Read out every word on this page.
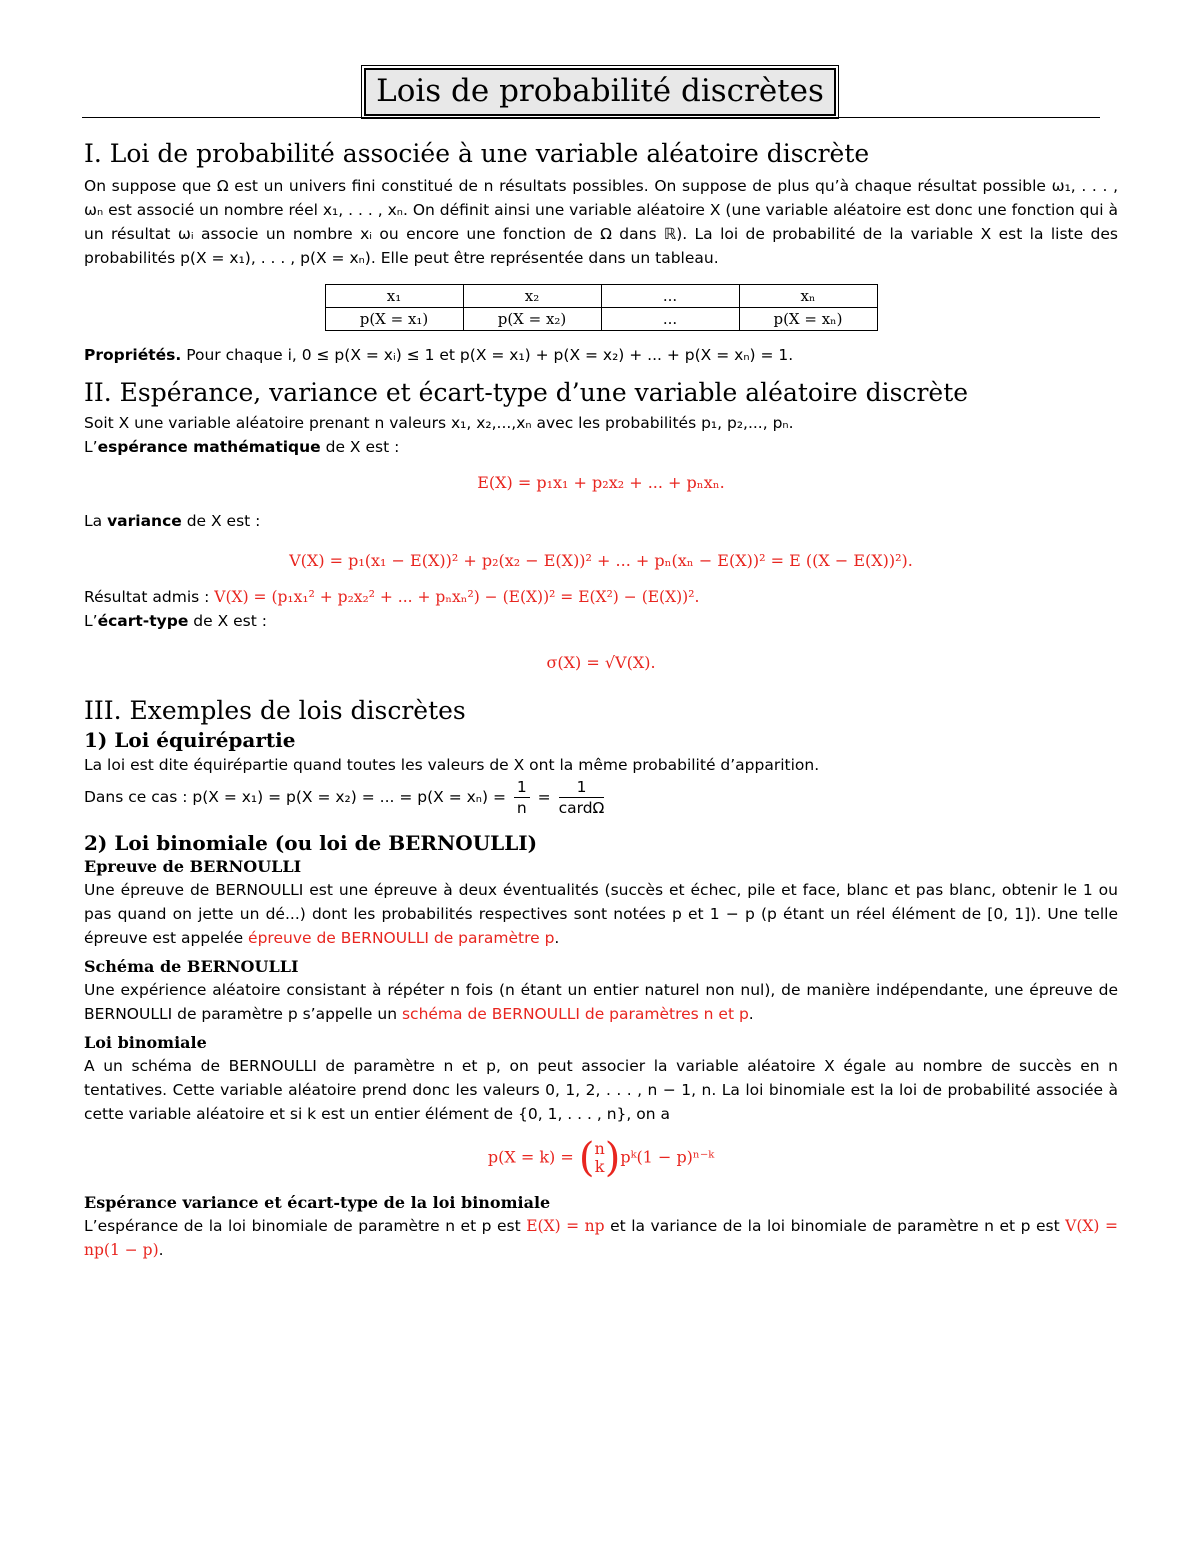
Lois de probabilité discrètes
I. Loi de probabilité associée à une variable aléatoire discrète

On suppose que Ω est un univers fini constitué de n résultats possibles. On suppose de plus qu’à chaque résultat possible ω₁, . . . , ωₙ est associé un nombre réel x₁, . . . , xₙ. On définit ainsi une variable aléatoire X (une variable aléatoire est donc une fonction qui à un résultat ωᵢ associe un nombre xᵢ ou encore une fonction de Ω dans ℝ). La loi de probabilité de la variable X est la liste des probabilités p(X = x₁), . . . , p(X = xₙ). Elle peut être représentée dans un tableau.

x₁	x₂	...	xₙ
p(X = x₁)	p(X = x₂)	...	p(X = xₙ)

Propriétés. Pour chaque i, 0 ≤ p(X = xᵢ) ≤ 1 et p(X = x₁) + p(X = x₂) + ... + p(X = xₙ) = 1.

II. Espérance, variance et écart-type d’une variable aléatoire discrète

Soit X une variable aléatoire prenant n valeurs x₁, x₂,...,xₙ avec les probabilités p₁, p₂,..., pₙ.

L’espérance mathématique de X est :

E(X) = p₁x₁ + p₂x₂ + ... + pₙxₙ.

La variance de X est :

V(X) = p₁(x₁ − E(X))² + p₂(x₂ − E(X))² + ... + pₙ(xₙ − E(X))² = E ((X − E(X))²).

Résultat admis : V(X) = (p₁x₁² + p₂x₂² + ... + pₙxₙ²) − (E(X))² = E(X²) − (E(X))².

L’écart-type de X est :

σ(X) = √V(X).

III. Exemples de lois discrètes
1) Loi équirépartie

La loi est dite équirépartie quand toutes les valeurs de X ont la même probabilité d’apparition.

Dans ce cas : p(X = x₁) = p(X = x₂) = ... = $p(X = x_n) = \frac{1}{n}$ =
1
cardΩ

2) Loi binomiale (ou loi de BERNOULLI)
Epreuve de BERNOULLI

Une épreuve de BERNOULLI est une épreuve à deux éventualités (succès et échec, pile et face, blanc et pas blanc, obtenir le 1 ou pas quand on jette un dé...) dont les probabilités respectives sont notées p et 1 − p (p étant un réel élément de [0, 1]). Une telle épreuve est appelée épreuve de BERNOULLI de paramètre p.

Schéma de BERNOULLI

Une expérience aléatoire consistant à répéter n fois (n étant un entier naturel non nul), de manière indépendante, une épreuve de BERNOULLI de paramètre p s’appelle un schéma de BERNOULLI de paramètres n et p.

Loi binomiale

A un schéma de BERNOULLI de paramètre n et p, on peut associer la variable aléatoire X égale au nombre de succès en n tentatives. Cette variable aléatoire prend donc les valeurs 0, 1, 2, . . . , n − 1, n. La loi binomiale est la loi de probabilité associée à cette variable aléatoire et si k est un entier élément de {0, 1, . . . , n}, on a

p(X = k) = ( n
k )pᵏ(1 − p)ⁿ⁻ᵏ

Espérance variance et écart-type de la loi binomiale

L’espérance de la loi binomiale de paramètre n et p est E(X) = np et la variance de la loi binomiale de paramètre n et p est V(X) = np(1 − p).
